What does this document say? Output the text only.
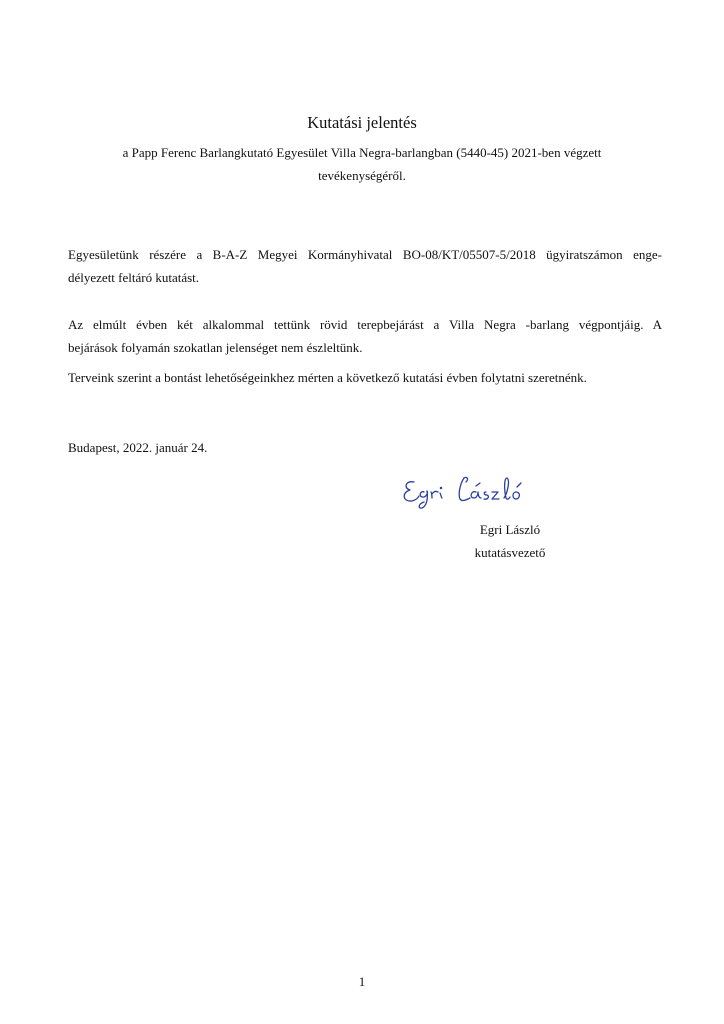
Kutatási jelentés
a Papp Ferenc Barlangkutató Egyesület Villa Negra-barlangban (5440-45) 2021-ben végzett
tevékenységéről.
Egyesületünk részére a B-A-Z Megyei Kormányhivatal BO-08/KT/05507-5/2018 ügyiratszámon enge-
délyezett feltáró kutatást.
Az elmúlt évben két alkalommal tettünk rövid terepbejárást a Villa Negra -barlang végpontjáig. A
bejárások folyamán szokatlan jelenséget nem észleltünk.
Terveink szerint a bontást lehetőségeinkhez mérten a következő kutatási évben folytatni szeretnénk.
Budapest, 2022. január 24.
Egri László
kutatásvezető
1
